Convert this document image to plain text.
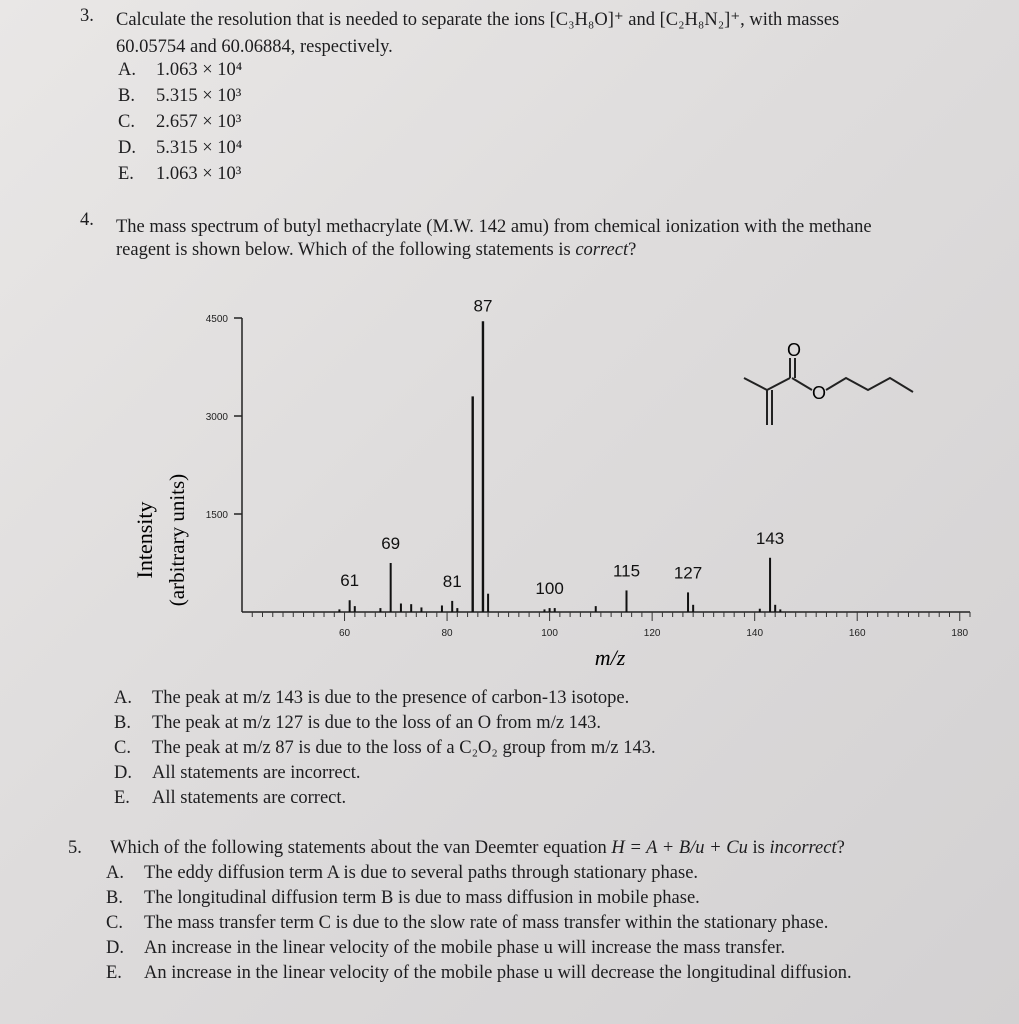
3. Calculate the resolution that is needed to separate the ions [C₃H₈O]⁺ and [C₂H₈N₂]⁺, with masses
60.05754 and 60.06884, respectively.
A. 1.063 × 10⁴
B. 5.315 × 10³
C. 2.657 × 10³
D. 5.315 × 10⁴
E. 1.063 × 10³
4. The mass spectrum of butyl methacrylate (M.W. 142 amu) from chemical ionization with the methane
reagent is shown below. Which of the following statements is correct?
1500
3000
4500
60	80	100	120	140	160	180
61
69
81
87
100
115 127
143
Intensity (arbitrary units)
m/z
O
O
A. The peak at m/z 143 is due to the presence of carbon-13 isotope.
B. The peak at m/z 127 is due to the loss of an O from m/z 143.
C. The peak at m/z 87 is due to the loss of a C₂O₂ group from m/z 143.
D. All statements are incorrect.
E. All statements are correct.
5. Which of the following statements about the van Deemter equation H = A + B/u + Cu is incorrect?
A. The eddy diffusion term A is due to several paths through stationary phase.
B. The longitudinal diffusion term B is due to mass diffusion in mobile phase.
C. The mass transfer term C is due to the slow rate of mass transfer within the stationary phase.
D. An increase in the linear velocity of the mobile phase u will increase the mass transfer.
E. An increase in the linear velocity of the mobile phase u will decrease the longitudinal diffusion.
